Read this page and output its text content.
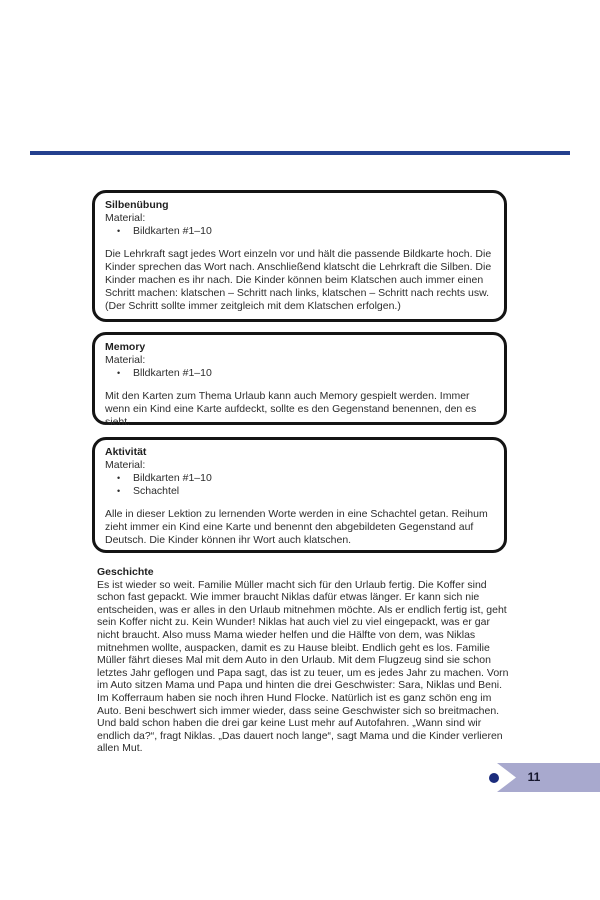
Silbenübung
Material:
• Bildkarten #1–10
Die Lehrkraft sagt jedes Wort einzeln vor und hält die passende Bildkarte hoch. Die Kinder sprechen das Wort nach. Anschließend klatscht die Lehrkraft die Silben. Die Kinder machen es ihr nach. Die Kinder können beim Klatschen auch immer einen Schritt machen: klatschen – Schritt nach links, klatschen – Schritt nach rechts usw. (Der Schritt sollte immer zeitgleich mit dem Klatschen erfolgen.)
Memory
Material:
• Blldkarten #1–10
Mit den Karten zum Thema Urlaub kann auch Memory gespielt werden. Immer wenn ein Kind eine Karte aufdeckt, sollte es den Gegenstand benennen, den es sieht.
Aktivität
Material:
• Bildkarten #1–10
• Schachtel
Alle in dieser Lektion zu lernenden Worte werden in eine Schachtel getan. Reihum zieht immer ein Kind eine Karte und benennt den abgebildeten Gegenstand auf Deutsch. Die Kinder können ihr Wort auch klatschen.
Geschichte
Es ist wieder so weit. Familie Müller macht sich für den Urlaub fertig. Die Koffer sind schon fast gepackt. Wie immer braucht Niklas dafür etwas länger. Er kann sich nie entscheiden, was er alles in den Urlaub mitnehmen möchte. Als er endlich fertig ist, geht sein Koffer nicht zu. Kein Wunder! Niklas hat auch viel zu viel eingepackt, was er gar nicht braucht. Also muss Mama wieder helfen und die Hälfte von dem, was Niklas mitnehmen wollte, auspacken, damit es zu Hause bleibt. Endlich geht es los. Familie Müller fährt dieses Mal mit dem Auto in den Urlaub. Mit dem Flugzeug sind sie schon letztes Jahr geflogen und Papa sagt, das ist zu teuer, um es jedes Jahr zu machen. Vorn im Auto sitzen Mama und Papa und hinten die drei Geschwister: Sara, Niklas und Beni. Im Kofferraum haben sie noch ihren Hund Flocke. Natürlich ist es ganz schön eng im Auto. Beni beschwert sich immer wieder, dass seine Geschwister sich so breitmachen. Und bald schon haben die drei gar keine Lust mehr auf Autofahren. „Wann sind wir endlich da?“, fragt Niklas. „Das dauert noch lange“, sagt Mama und die Kinder verlieren allen Mut.
11
